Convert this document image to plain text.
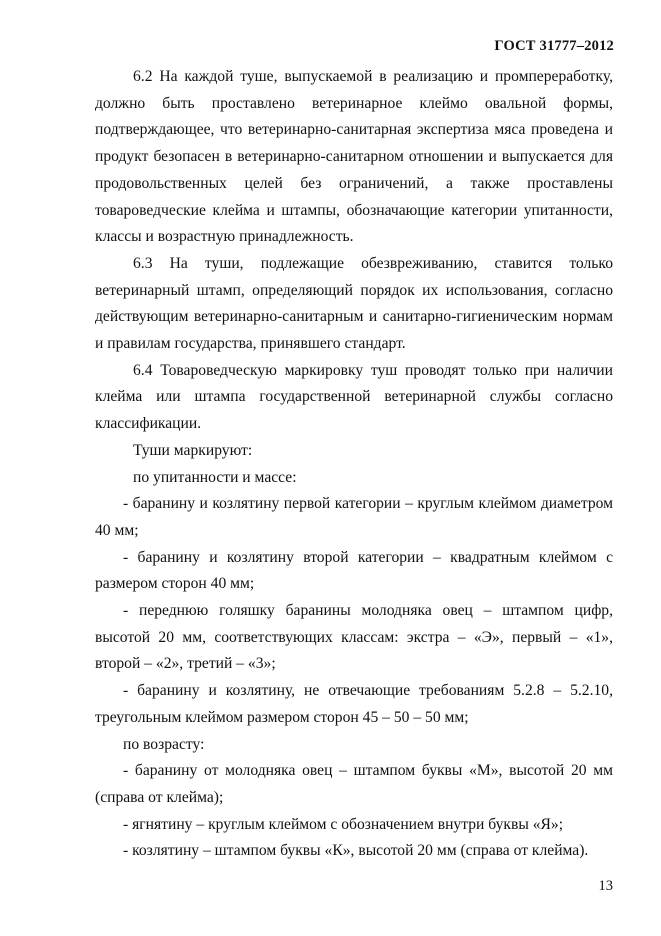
ГОСТ 31777–2012

6.2 На каждой туше, выпускаемой в реализацию и промпереработку, должно быть проставлено ветеринарное клеймо овальной формы, подтверждающее, что ветеринарно-санитарная экспертиза мяса проведена и продукт безопасен в ветеринарно-санитарном отношении и выпускается для продовольственных целей без ограничений, а также проставлены товароведческие клейма и штампы, обозначающие категории упитанности, классы и возрастную принадлежность.

6.3 На туши, подлежащие обезвреживанию, ставится только ветеринарный штамп, определяющий порядок их использования, согласно действующим ветеринарно-санитарным и санитарно-гигиеническим нормам и правилам государства, принявшего стандарт.

6.4 Товароведческую маркировку туш проводят только при наличии клейма или штампа государственной ветеринарной службы согласно классификации.

Туши маркируют:

по упитанности и массе:

- баранину и козлятину первой категории – круглым клеймом диаметром 40 мм;

- баранину и козлятину второй категории – квадратным клеймом с размером сторон 40 мм;

- переднюю голяшку баранины молодняка овец – штампом цифр, высотой 20 мм, соответствующих классам: экстра – «Э», первый – «1», второй – «2», третий – «3»;

- баранину и козлятину, не отвечающие требованиям 5.2.8 – 5.2.10, треугольным клеймом размером сторон 45 – 50 – 50 мм;

по возрасту:

- баранину от молодняка овец – штампом буквы «М», высотой 20 мм (справа от клейма);

- ягнятину – круглым клеймом с обозначением внутри буквы «Я»;

- козлятину – штампом буквы «К», высотой 20 мм (справа от клейма).

13
